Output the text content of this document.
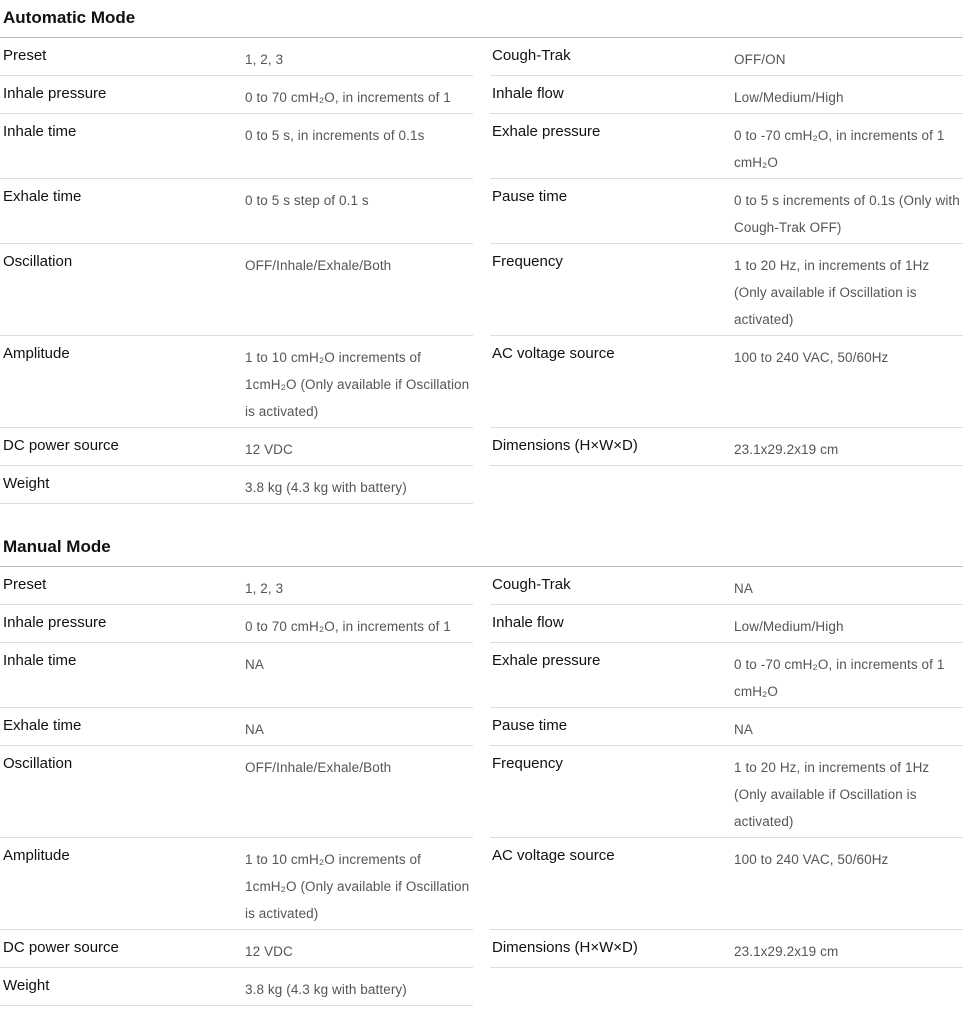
Automatic Mode
Preset	1, 2, 3
Inhale pressure	0 to 70 cmH₂O, in increments of 1
Inhale time	0 to 5 s, in increments of 0.1s
Exhale time	0 to 5 s step of 0.1 s
Oscillation	OFF/Inhale/Exhale/Both
Amplitude	1 to 10 cmH₂O increments of 1cmH₂O (Only available if Oscillation is activated)
DC power source	12 VDC
Weight	3.8 kg (4.3 kg with battery)
Cough-Trak	OFF/ON
Inhale flow	Low/Medium/High
Exhale pressure	0 to -70 cmH₂O, in increments of 1 cmH₂O
Pause time	0 to 5 s increments of 0.1s (Only with Cough-Trak OFF)
Frequency	1 to 20 Hz, in increments of 1Hz (Only available if Oscillation is activated)
AC voltage source	100 to 240 VAC, 50/60Hz
Dimensions (H×W×D)	23.1x29.2x19 cm
Manual Mode
Preset	1, 2, 3
Inhale pressure	0 to 70 cmH₂O, in increments of 1
Inhale time	NA
Exhale time	NA
Oscillation	OFF/Inhale/Exhale/Both
Amplitude	1 to 10 cmH₂O increments of 1cmH₂O (Only available if Oscillation is activated)
DC power source	12 VDC
Weight	3.8 kg (4.3 kg with battery)
Cough-Trak	NA
Inhale flow	Low/Medium/High
Exhale pressure	0 to -70 cmH₂O, in increments of 1 cmH₂O
Pause time	NA
Frequency	1 to 20 Hz, in increments of 1Hz (Only available if Oscillation is activated)
AC voltage source	100 to 240 VAC, 50/60Hz
Dimensions (H×W×D)	23.1x29.2x19 cm
